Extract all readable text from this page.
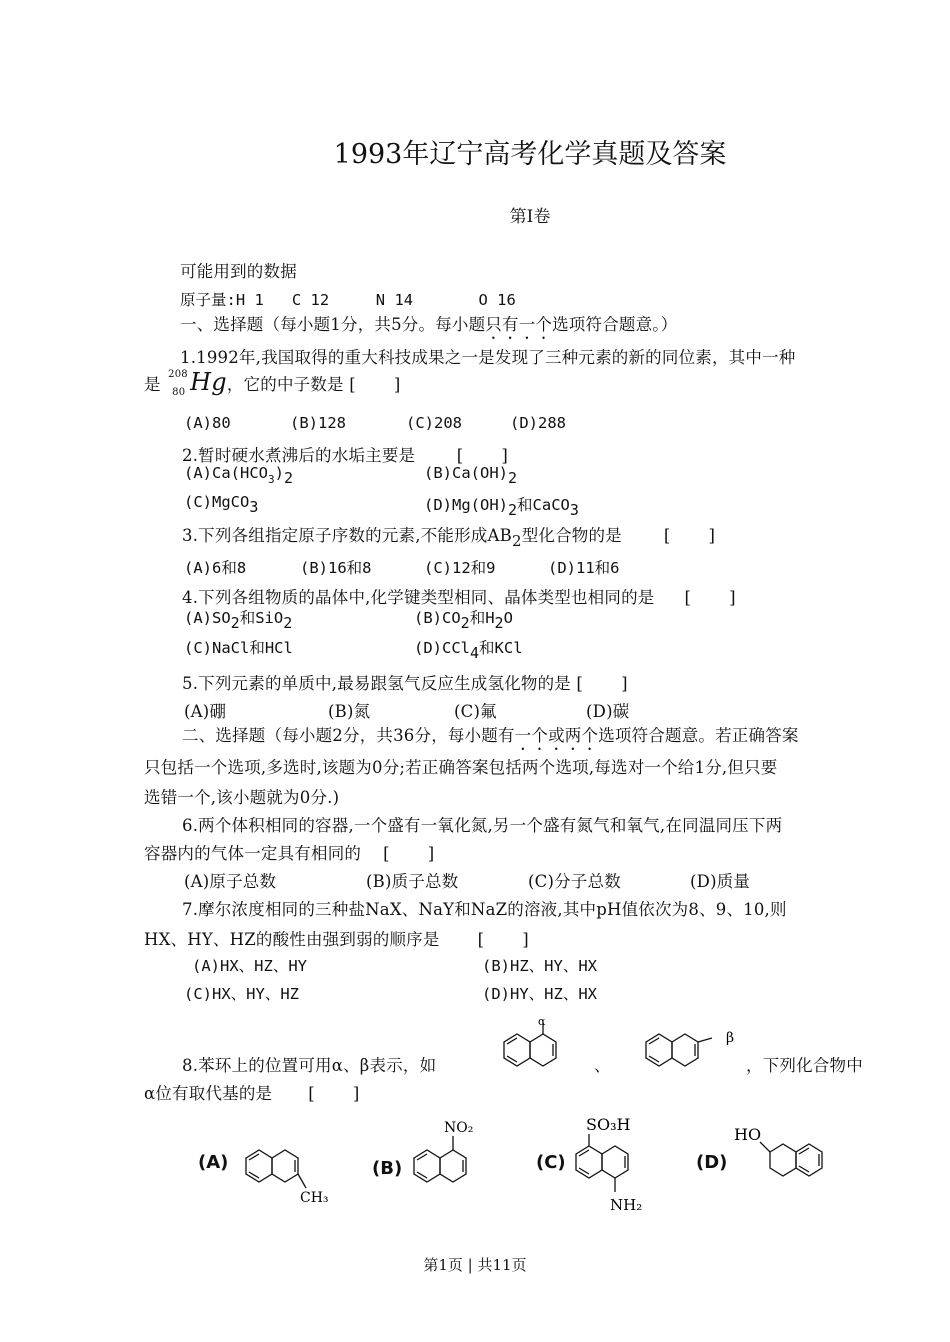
1993年辽宁高考化学真题及答案
第Ⅰ卷
可能用到的数据
原子量:H 1   C 12     N 14       O 16
一、选择题（每小题1分，共5分。每小题只有一个选项符合题意。）
1.1992年,我国取得的重大科技成果之一是发现了三种元素的新的同位素，其中一种
是
208
80 Hg，它的中子数是 [ ]
(A)80	(B)128	(C)208	(D)288
2.暂时硬水煮沸后的水垢主要是	[ ]
$(A)Ca(HCO_3)2$	(B)Ca(OH)2
(C)MgCO3	(D)Mg(OH)2和CaCO3
3.下列各组指定原子序数的元素,不能形成AB2型化合物的是	[ ]
(A)6和8	(B)16和8	(C)12和9	(D)11和6
4.下列各组物质的晶体中,化学键类型相同、晶体类型也相同的是 [ ]
(A)SO2和SiO2	(B)CO2和H2O
(C)NaCl和HCl	(D)CCl4和KCl
5.下列元素的单质中,最易跟氢气反应生成氢化物的是 [ ]
(A)硼	(B)氮	(C)氟	(D)碳
二、选择题（每小题2分，共36分，每小题有一个或两个选项符合题意。若正确答案
只包括一个选项,多选时,该题为0分;若正确答案包括两个选项,每选对一个给1分,但只要
选错一个,该小题就为0分.)
6.两个体积相同的容器,一个盛有一氧化氮,另一个盛有氮气和氧气,在同温同压下两
容器内的气体一定具有相同的 [ ]
(A)原子总数	(B)质子总数	(C)分子总数	(D)质量
7.摩尔浓度相同的三种盐NaX、NaY和NaZ的溶液,其中pH值依次为8、9、10,则
HX、HY、HZ的酸性由强到弱的顺序是 [ ]
(A)HX、HZ、HY	(B)HZ、HY、HX
(C)HX、HY、HZ	(D)HY、HZ、HX
8.苯环上的位置可用α、β表示，如	、	，下列化合物中
α位有取代基的是 [ ]
α
β
(A)
CH₃
(B)
NO₂
(C)
SO₃H
NH₂
(D)
HO
第1页 | 共11页
